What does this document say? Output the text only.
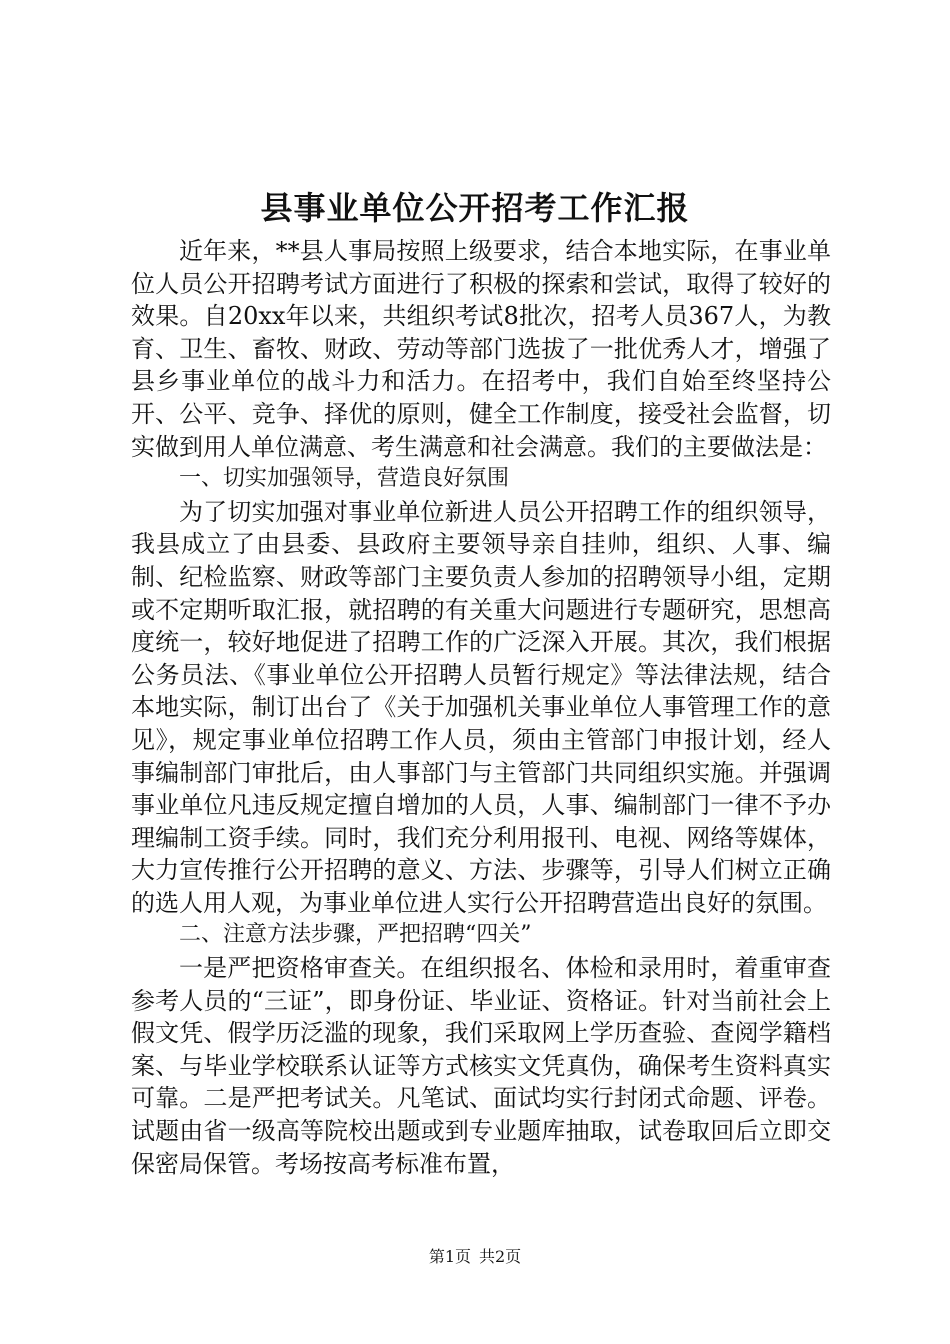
县事业单位公开招考工作汇报

近年来，**县人事局按照上级要求，结合本地实际，在事业单位人员公开招聘考试方面进行了积极的探索和尝试，取得了较好的效果。自20xx年以来，共组织考试8批次，招考人员367人，为教育、卫生、畜牧、财政、劳动等部门选拔了一批优秀人才，增强了县乡事业单位的战斗力和活力。在招考中，我们自始至终坚持公开、公平、竞争、择优的原则，健全工作制度，接受社会监督，切实做到用人单位满意、考生满意和社会满意。我们的主要做法是：

一、切实加强领导，营造良好氛围

为了切实加强对事业单位新进人员公开招聘工作的组织领导，我县成立了由县委、县政府主要领导亲自挂帅，组织、人事、编制、纪检监察、财政等部门主要负责人参加的招聘领导小组，定期或不定期听取汇报，就招聘的有关重大问题进行专题研究，思想高度统一，较好地促进了招聘工作的广泛深入开展。其次，我们根据公务员法、《事业单位公开招聘人员暂行规定》等法律法规，结合本地实际，制订出台了《关于加强机关事业单位人事管理工作的意见》，规定事业单位招聘工作人员，须由主管部门申报计划，经人事编制部门审批后，由人事部门与主管部门共同组织实施。并强调事业单位凡违反规定擅自增加的人员，人事、编制部门一律不予办理编制工资手续。同时，我们充分利用报刊、电视、网络等媒体，大力宣传推行公开招聘的意义、方法、步骤等，引导人们树立正确的选人用人观，为事业单位进人实行公开招聘营造出良好的氛围。

二、注意方法步骤，严把招聘“四关”

一是严把资格审查关。在组织报名、体检和录用时，着重审查参考人员的“三证”，即身份证、毕业证、资格证。针对当前社会上假文凭、假学历泛滥的现象，我们采取网上学历查验、查阅学籍档案、与毕业学校联系认证等方式核实文凭真伪，确保考生资料真实可靠。二是严把考试关。凡笔试、面试均实行封闭式命题、评卷。试题由省一级高等院校出题或到专业题库抽取，试卷取回后立即交保密局保管。考场按高考标准布置，

第1页 共2页
